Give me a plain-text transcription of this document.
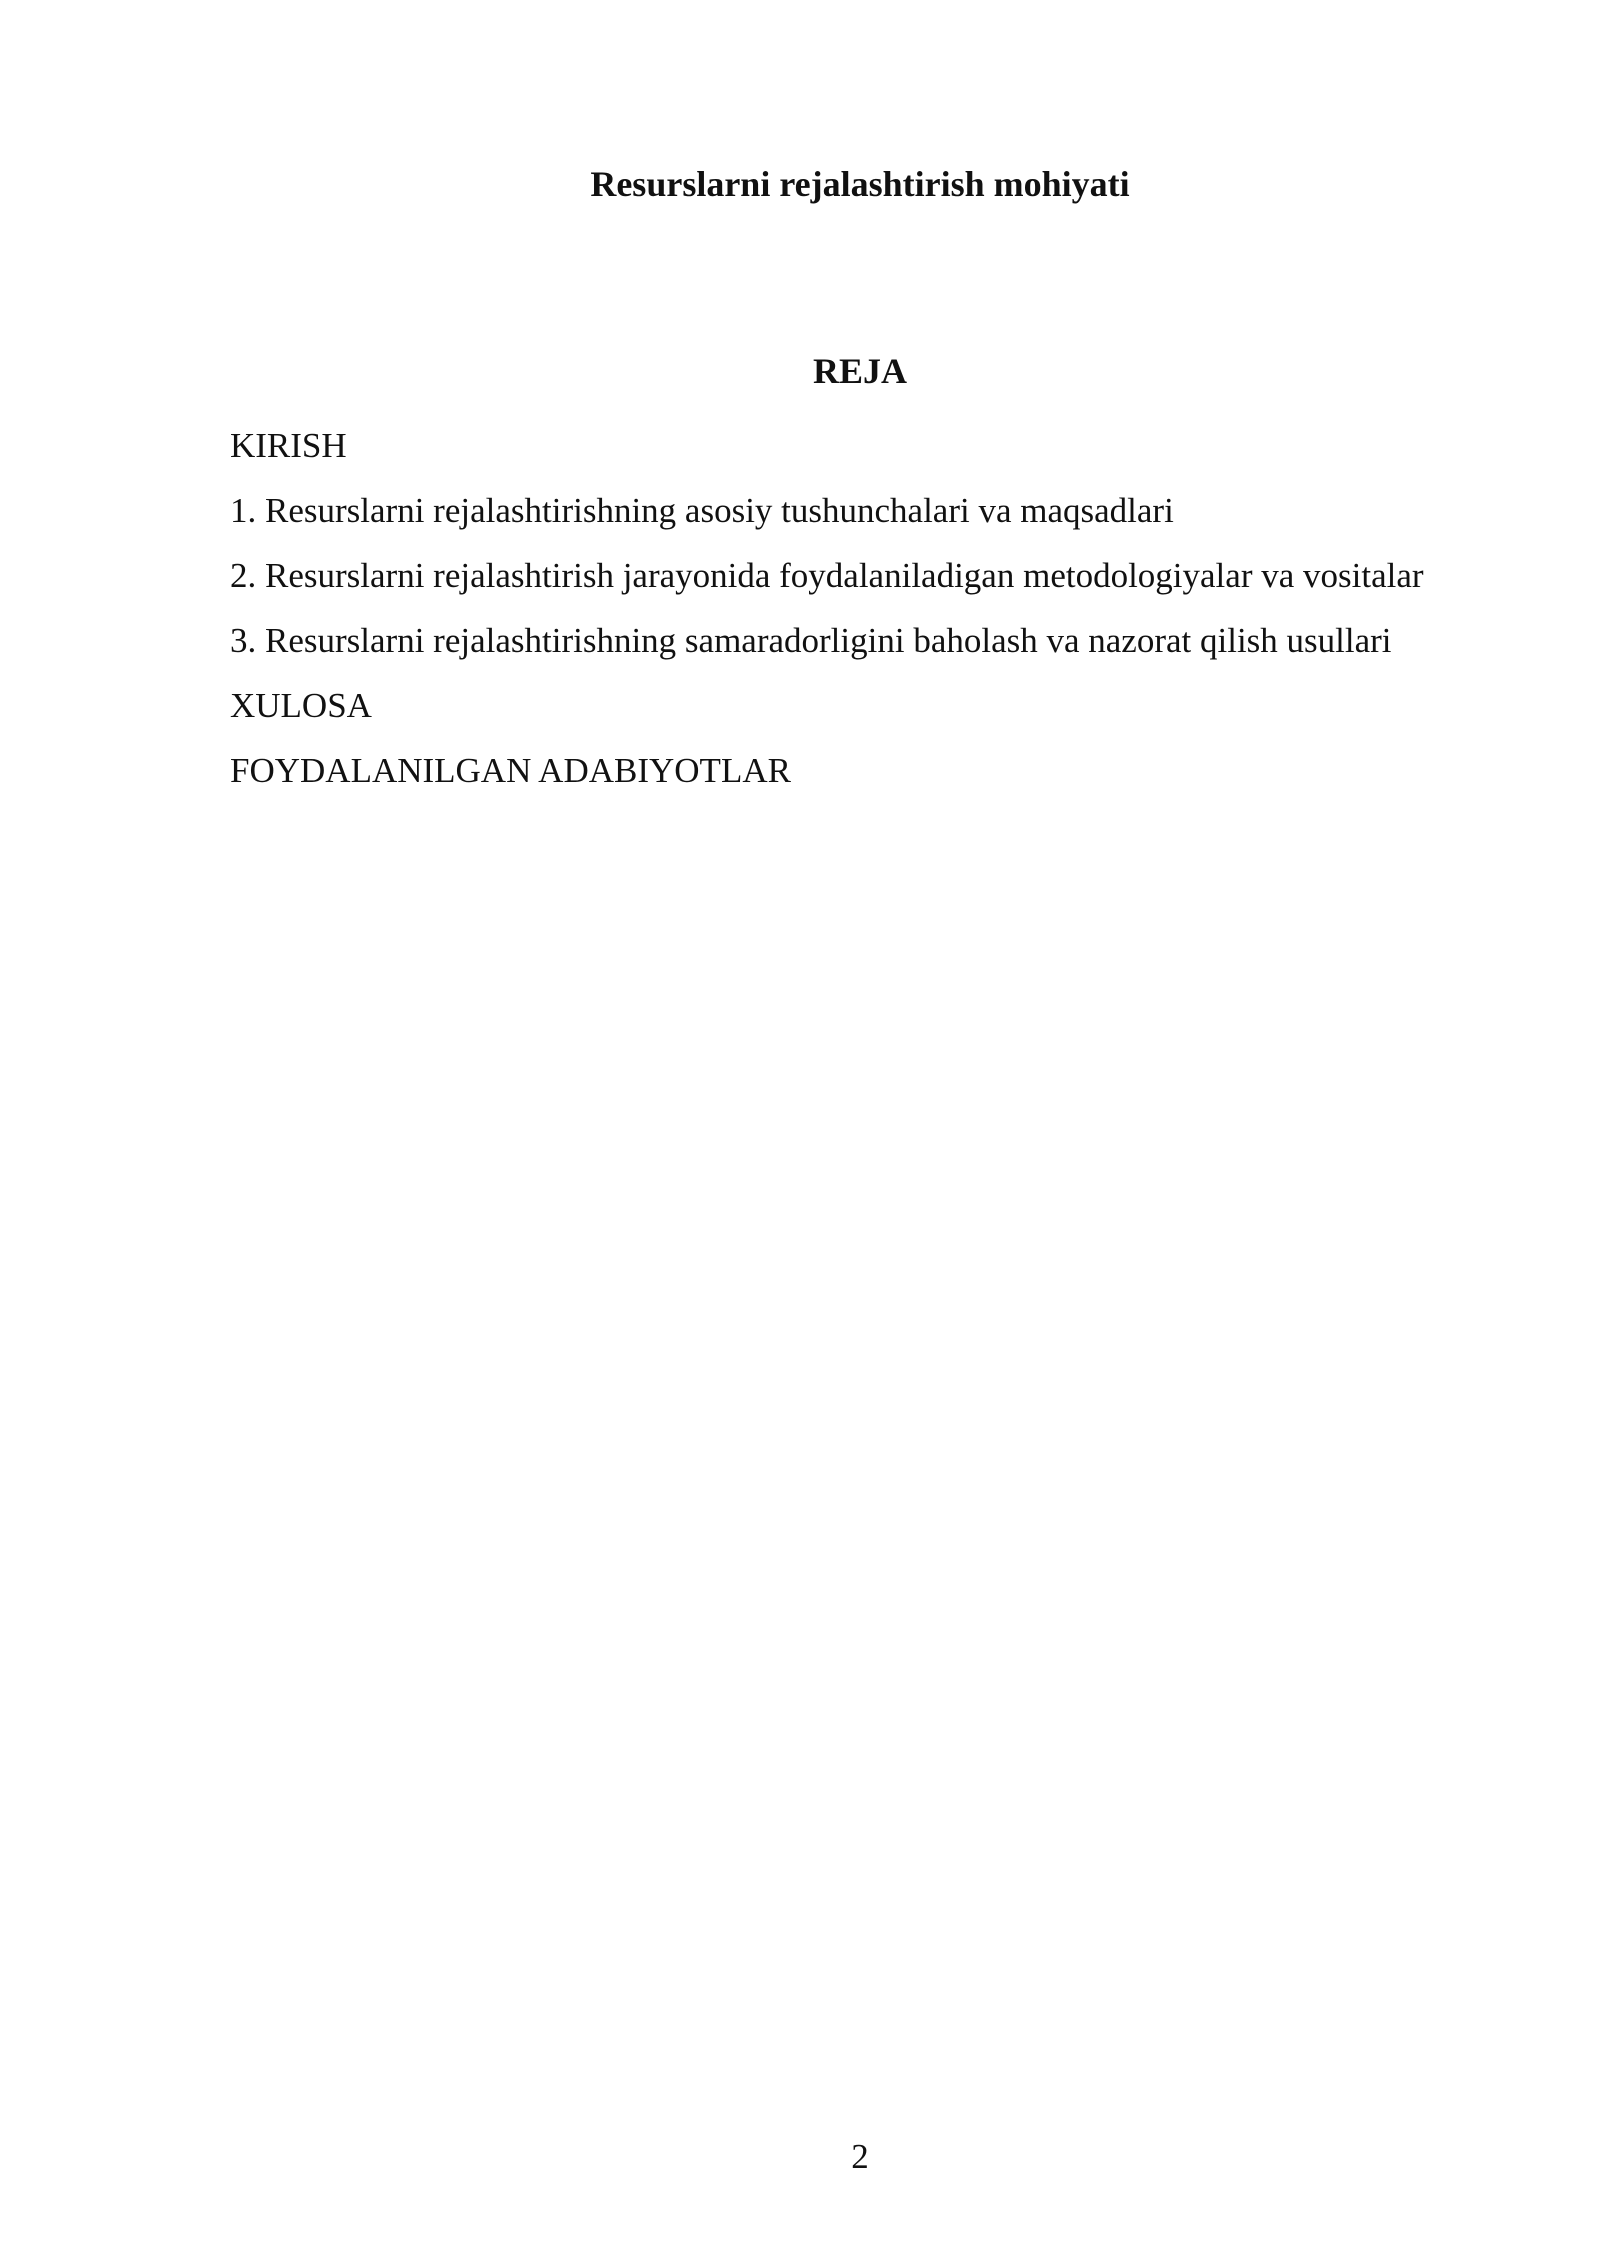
Resurslarni rejalashtirish mohiyati
REJA
KIRISH
1. Resurslarni rejalashtirishning asosiy tushunchalari va maqsadlari
2. Resurslarni rejalashtirish jarayonida foydalaniladigan metodologiyalar va vositalar
3. Resurslarni rejalashtirishning samaradorligini baholash va nazorat qilish usullari
XULOSA
FOYDALANILGAN ADABIYOTLAR
2
